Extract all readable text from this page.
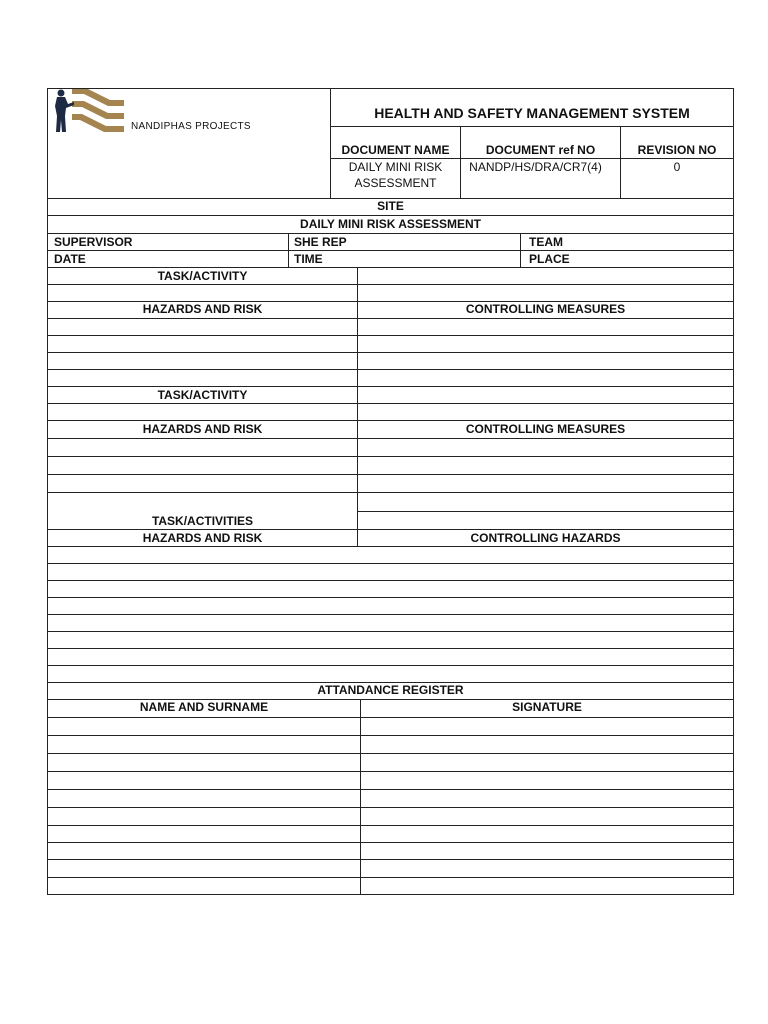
NANDIPHAS PROJECTS
HEALTH AND SAFETY MANAGEMENT SYSTEM
DOCUMENT NAME	DOCUMENT ref NO	REVISION NO
DAILY MINI RISK
ASSESSMENT
NANDP/HS/DRA/CR7(4)	0
SITE
DAILY MINI RISK ASSESSMENT
SUPERVISOR	SHE REP	TEAM
DATE	TIME	PLACE
TASK/ACTIVITY
HAZARDS AND RISK	CONTROLLING MEASURES
TASK/ACTIVITY
HAZARDS AND RISK	CONTROLLING MEASURES
TASK/ACTIVITIES
HAZARDS AND RISK	CONTROLLING HAZARDS
ATTANDANCE REGISTER
NAME AND SURNAME	SIGNATURE
